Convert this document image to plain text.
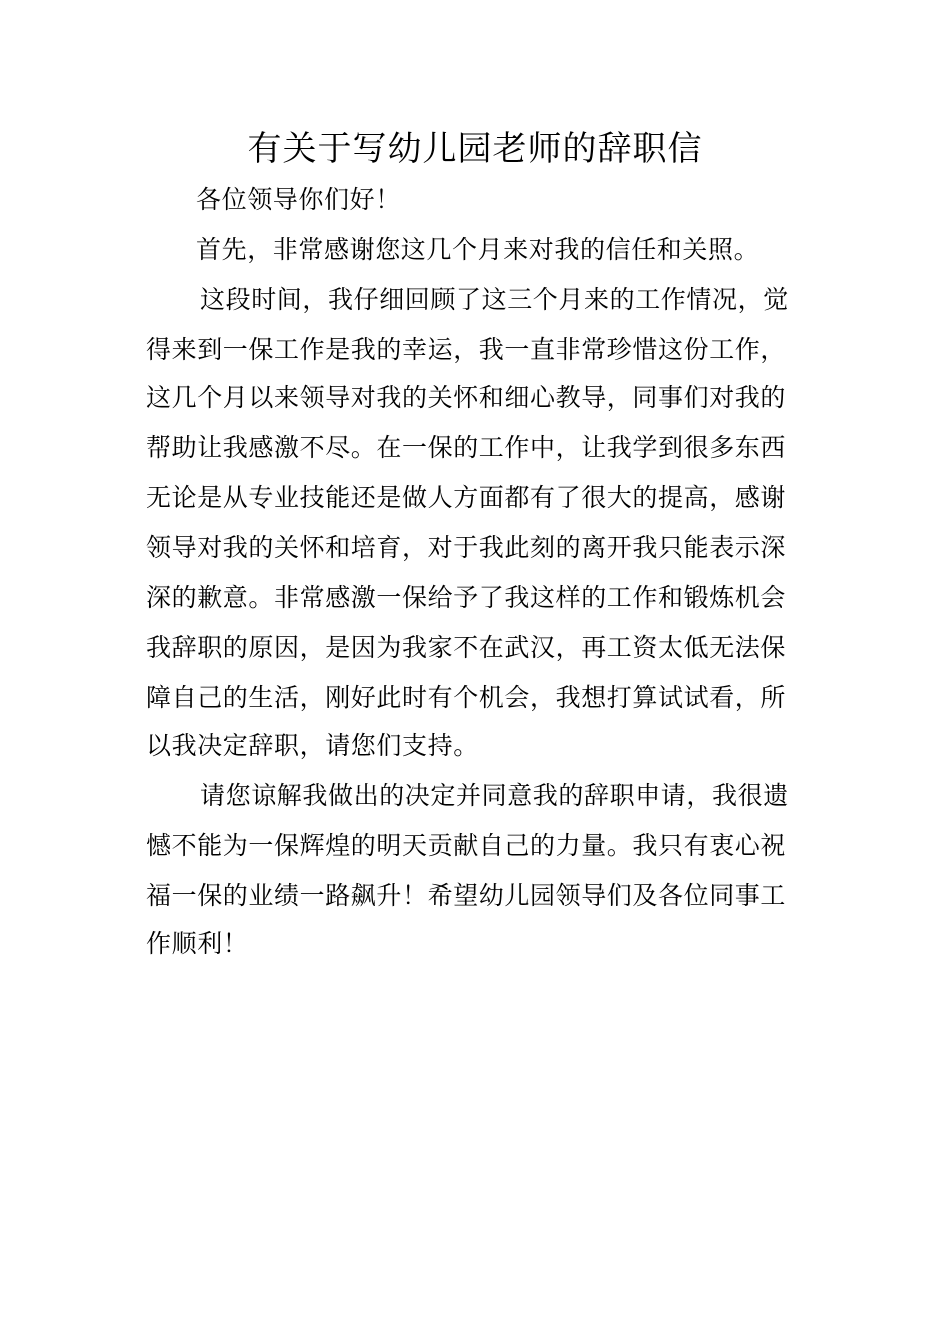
有关于写幼儿园老师的辞职信
各位领导你们好！
首先，非常感谢您这几个月来对我的信任和关照。
这段时间，我仔细回顾了这三个月来的工作情况，觉
得来到一保工作是我的幸运，我一直非常珍惜这份工作，
这几个月以来领导对我的关怀和细心教导，同事们对我的
帮助让我感激不尽。在一保的工作中，让我学到很多东西
无论是从专业技能还是做人方面都有了很大的提高，感谢
领导对我的关怀和培育，对于我此刻的离开我只能表示深
深的歉意。非常感激一保给予了我这样的工作和锻炼机会
我辞职的原因，是因为我家不在武汉，再工资太低无法保
障自己的生活，刚好此时有个机会，我想打算试试看，所
以我决定辞职，请您们支持。
请您谅解我做出的决定并同意我的辞职申请，我很遗
憾不能为一保辉煌的明天贡献自己的力量。我只有衷心祝
福一保的业绩一路飙升！希望幼儿园领导们及各位同事工
作顺利！
